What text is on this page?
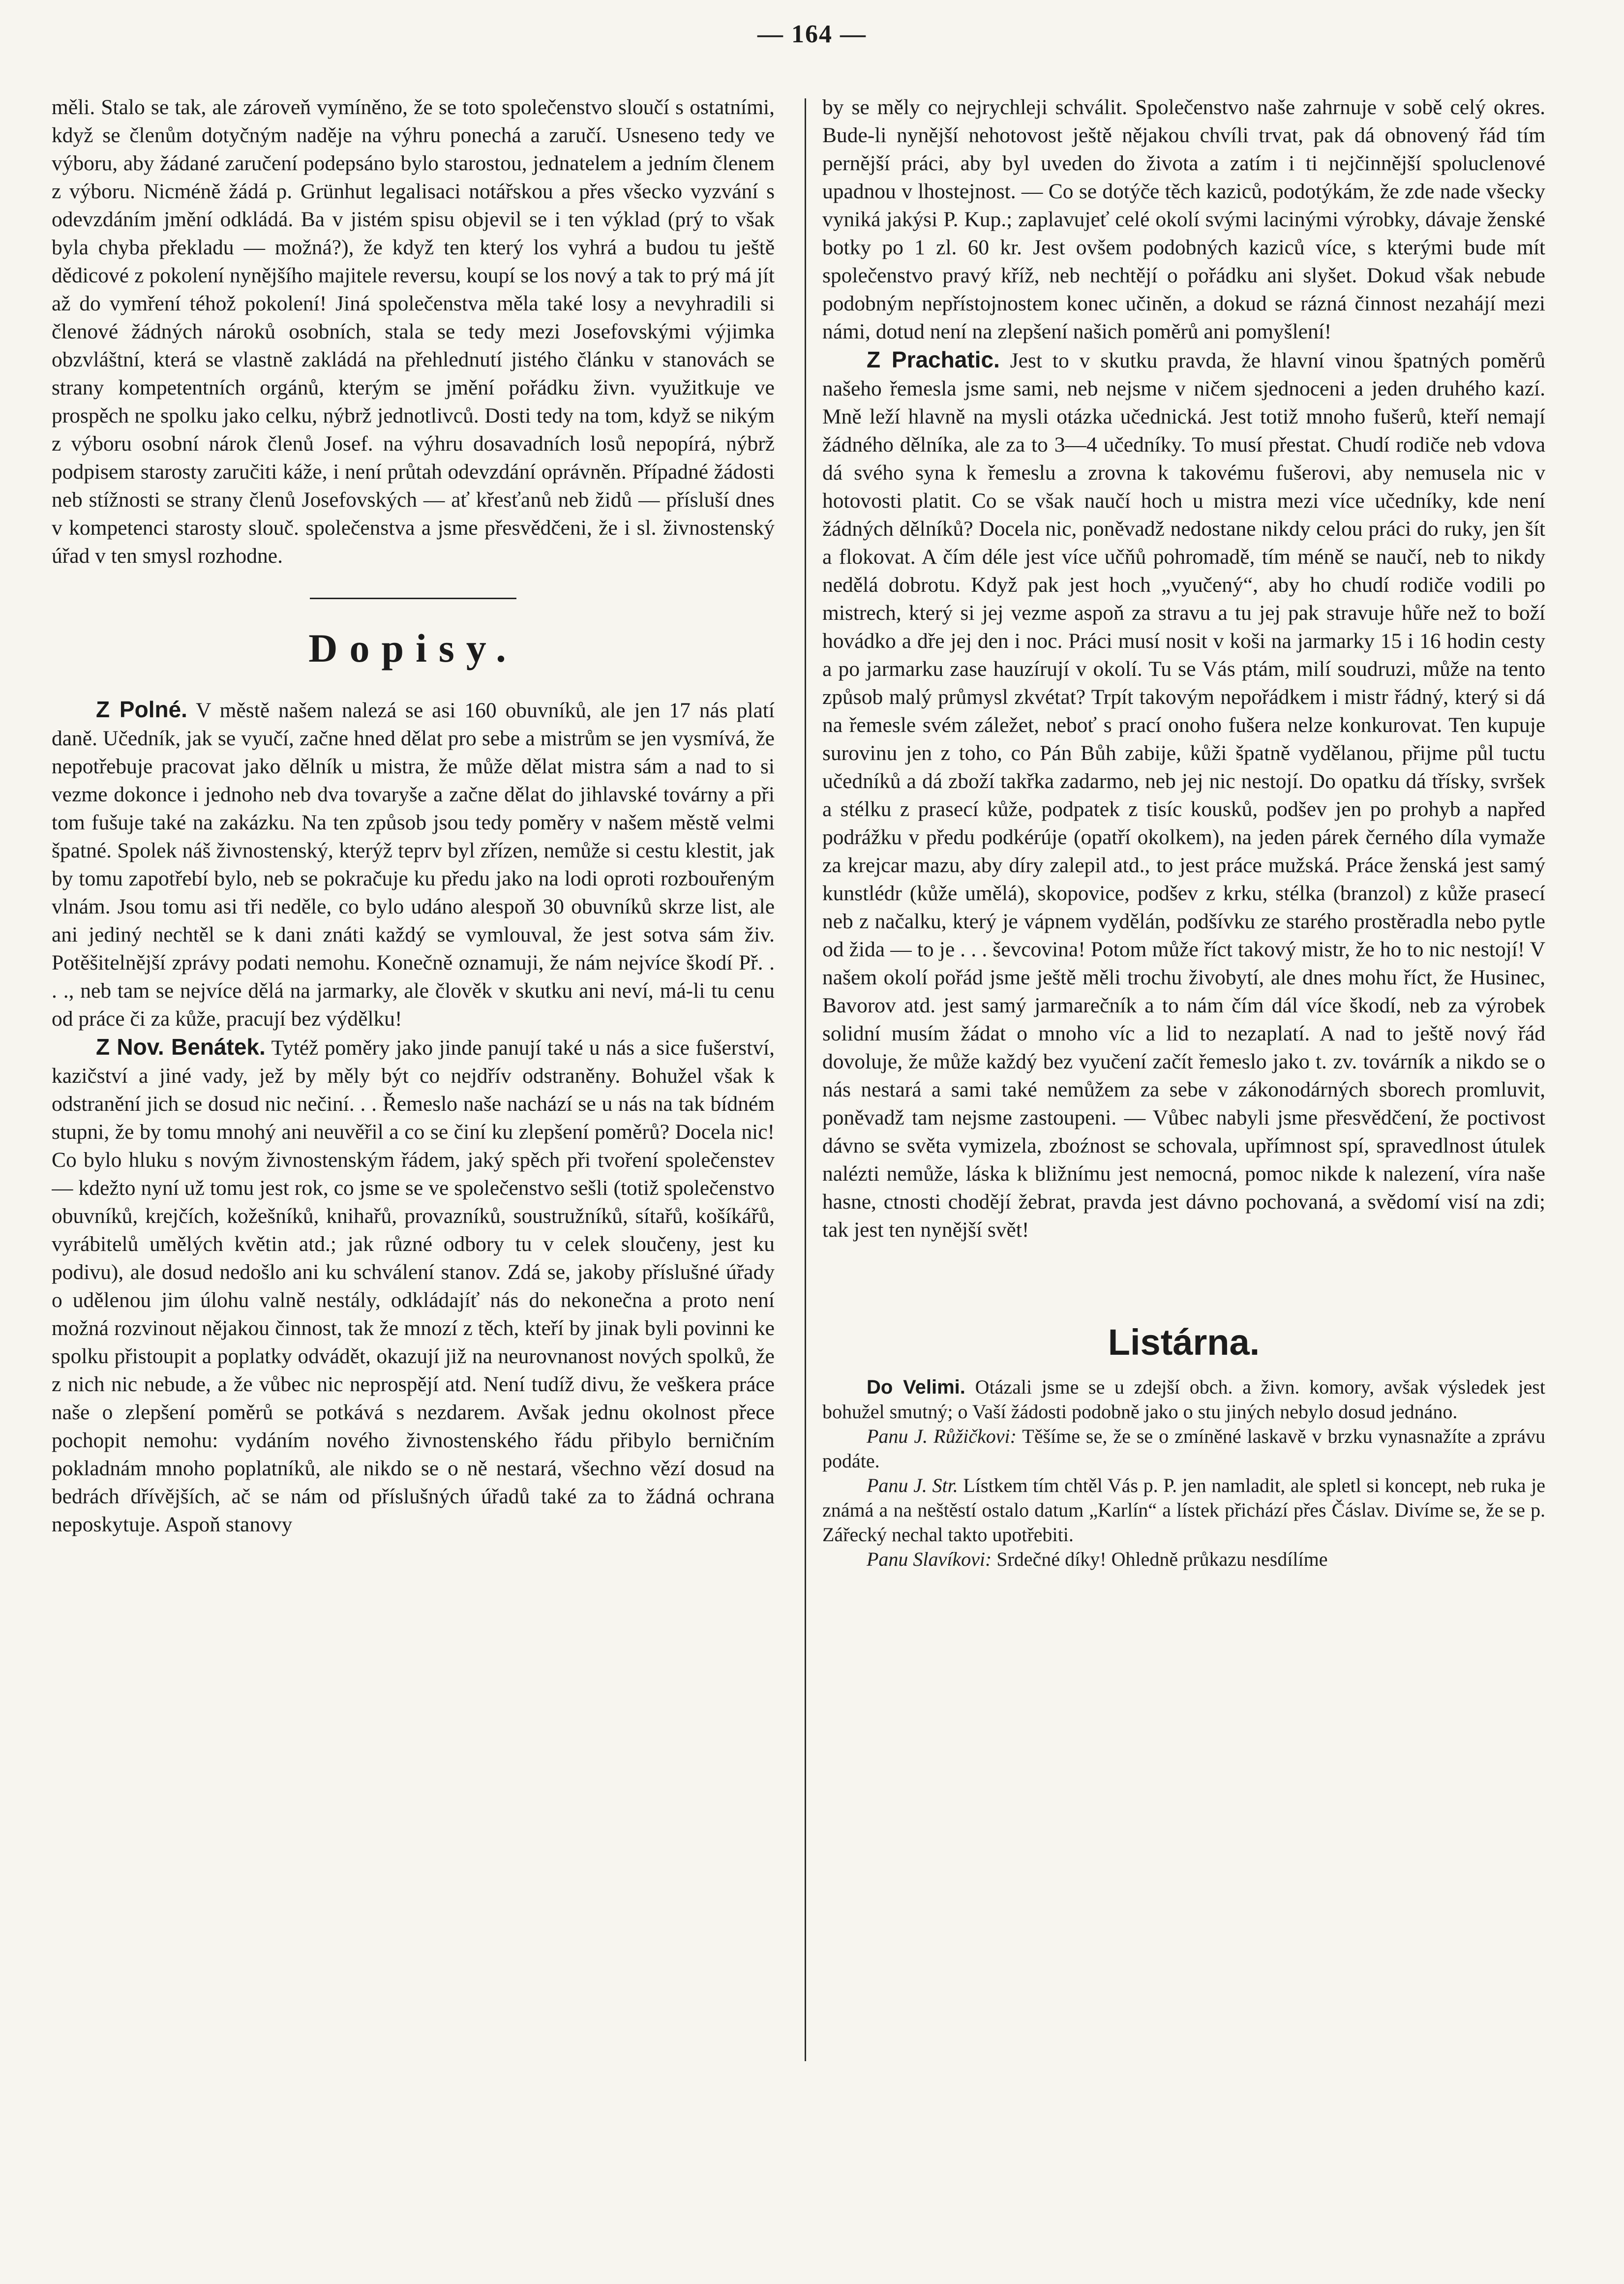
— 164 —

měli. Stalo se tak, ale zároveň vymíněno, že se toto společenstvo sloučí s ostatními, když se členům dotyčným naděje na výhru ponechá a zaručí. Usneseno tedy ve výboru, aby žádané zaručení podepsáno bylo starostou, jednatelem a jedním členem z výboru. Nicméně žádá p. Grünhut legalisaci notářskou a přes všecko vyzvání s odevzdáním jmění odkládá. Ba v jistém spisu objevil se i ten výklad (prý to však byla chyba překladu — možná?), že když ten který los vyhrá a budou tu ještě dědicové z pokolení nynějšího majitele reversu, koupí se los nový a tak to prý má jít až do vymření téhož pokolení! Jiná společenstva měla také losy a nevyhradili si členové žádných nároků osobních, stala se tedy mezi Josefovskými výjimka obzvláštní, která se vlastně zakládá na přehlednutí jistého článku v stanovách se strany kompetentních orgánů, kterým se jmění pořádku živn. využitkuje ve prospěch ne spolku jako celku, nýbrž jednotlivců. Dosti tedy na tom, když se nikým z výboru osobní nárok členů Josef. na výhru dosavadních losů nepopírá, nýbrž podpisem starosty zaručiti káže, i není průtah odevzdání oprávněn. Případné žádosti neb stížnosti se strany členů Josefovských — ať křesťanů neb židů — přísluší dnes v kompetenci starosty slouč. společenstva a jsme přesvědčeni, že i sl. živnostenský úřad v ten smysl rozhodne.

Dopisy.

Z Polné. V městě našem nalezá se asi 160 obuvníků, ale jen 17 nás platí daně. Učedník, jak se vyučí, začne hned dělat pro sebe a mistrům se jen vysmívá, že nepotřebuje pracovat jako dělník u mistra, že může dělat mistra sám a nad to si vezme dokonce i jednoho neb dva tovaryše a začne dělat do jihlavské továrny a při tom fušuje také na zakázku. Na ten způsob jsou tedy poměry v našem městě velmi špatné. Spolek náš živnostenský, kterýž teprv byl zřízen, nemůže si cestu klestit, jak by tomu zapotřebí bylo, neb se pokračuje ku předu jako na lodi oproti rozbouřeným vlnám. Jsou tomu asi tři neděle, co bylo udáno alespoň 30 obuvníků skrze list, ale ani jediný nechtěl se k dani znáti každý se vymlouval, že jest sotva sám živ. Potěšitelnější zprávy podati nemohu. Konečně oznamuji, že nám nejvíce škodí Př. . . ., neb tam se nejvíce dělá na jarmarky, ale člověk v skutku ani neví, má-li tu cenu od práce či za kůže, pracují bez výdělku!

Z Nov. Benátek. Tytéž poměry jako jinde panují také u nás a sice fušerství, kazičství a jiné vady, jež by měly být co nejdřív odstraněny. Bohužel však k odstranění jich se dosud nic nečiní. . . Řemeslo naše nachází se u nás na tak bídném stupni, že by tomu mnohý ani neuvěřil a co se činí ku zlepšení poměrů? Docela nic! Co bylo hluku s novým živnostenským řádem, jaký spěch při tvoření společenstev — kdežto nyní už tomu jest rok, co jsme se ve společenstvo sešli (totiž společenstvo obuvníků, krejčích, kožešníků, knihařů, provazníků, soustružníků, sítařů, košíkářů, vyrábitelů umělých květin atd.; jak různé odbory tu v celek sloučeny, jest ku podivu), ale dosud nedošlo ani ku schválení stanov. Zdá se, jakoby příslušné úřady o udělenou jim úlohu valně nestály, odkládajíť nás do nekonečna a proto není možná rozvinout nějakou činnost, tak že mnozí z těch, kteří by jinak byli povinni ke spolku přistoupit a poplatky odvádět, okazují již na neurovnanost nových spolků, že z nich nic nebude, a že vůbec nic neprospějí atd. Není tudíž divu, že veškera práce naše o zlepšení poměrů se potkává s nezdarem. Avšak jednu okolnost přece pochopit nemohu: vydáním nového živnostenského řádu přibylo berničním pokladnám mnoho poplatníků, ale nikdo se o ně nestará, všechno vězí dosud na bedrách dřívějších, ač se nám od příslušných úřadů také za to žádná ochrana neposkytuje. Aspoň stanovy

by se měly co nejrychleji schválit. Společenstvo naše zahrnuje v sobě celý okres. Bude-li nynější nehotovost ještě nějakou chvíli trvat, pak dá obnovený řád tím pernější práci, aby byl uveden do života a zatím i ti nejčinnější spoluclenové upadnou v lhostejnost. — Co se dotýče těch kaziců, podotýkám, že zde nade všecky vyniká jakýsi P. Kup.; zaplavujeť celé okolí svými lacinými výrobky, dávaje ženské botky po 1 zl. 60 kr. Jest ovšem podobných kaziců více, s kterými bude mít společenstvo pravý kříž, neb nechtějí o pořádku ani slyšet. Dokud však nebude podobným nepřístojnostem konec učiněn, a dokud se rázná činnost nezahájí mezi námi, dotud není na zlepšení našich poměrů ani pomyšlení!

Z Prachatic. Jest to v skutku pravda, že hlavní vinou špatných poměrů našeho řemesla jsme sami, neb nejsme v ničem sjednoceni a jeden druhého kazí. Mně leží hlavně na mysli otázka učednická. Jest totiž mnoho fušerů, kteří nemají žádného dělníka, ale za to 3—4 učedníky. To musí přestat. Chudí rodiče neb vdova dá svého syna k řemeslu a zrovna k takovému fušerovi, aby nemusela nic v hotovosti platit. Co se však naučí hoch u mistra mezi více učedníky, kde není žádných dělníků? Docela nic, poněvadž nedostane nikdy celou práci do ruky, jen šít a flokovat. A čím déle jest více učňů pohromadě, tím méně se naučí, neb to nikdy nedělá dobrotu. Když pak jest hoch „vyučený“, aby ho chudí rodiče vodili po mistrech, který si jej vezme aspoň za stravu a tu jej pak stravuje hůře než to boží hovádko a dře jej den i noc. Práci musí nosit v koši na jarmarky 15 i 16 hodin cesty a po jarmarku zase hauzírují v okolí. Tu se Vás ptám, milí soudruzi, může na tento způsob malý průmysl zkvétat? Trpít takovým nepořádkem i mistr řádný, který si dá na řemesle svém záležet, neboť s prací onoho fušera nelze konkurovat. Ten kupuje surovinu jen z toho, co Pán Bůh zabije, kůži špatně vydělanou, přijme půl tuctu učedníků a dá zboží takřka zadarmo, neb jej nic nestojí. Do opatku dá třísky, svršek a stélku z prasecí kůže, podpatek z tisíc kousků, podšev jen po prohyb a napřed podrážku v předu podkérúje (opatří okolkem), na jeden párek černého díla vymaže za krejcar mazu, aby díry zalepil atd., to jest práce mužská. Práce ženská jest samý kunstlédr (kůže umělá), skopovice, podšev z krku, stélka (branzol) z kůže prasecí neb z načalku, který je vápnem vydělán, podšívku ze starého prostěradla nebo pytle od žida — to je . . . ševcovina! Potom může říct takový mistr, že ho to nic nestojí! V našem okolí pořád jsme ještě měli trochu živobytí, ale dnes mohu říct, že Husinec, Bavorov atd. jest samý jarmarečník a to nám čím dál více škodí, neb za výrobek solidní musím žádat o mnoho víc a lid to nezaplatí. A nad to ještě nový řád dovoluje, že může každý bez vyučení začít řemeslo jako t. zv. továrník a nikdo se o nás nestará a sami také nemůžem za sebe v zákonodárných sborech promluvit, poněvadž tam nejsme zastoupeni. — Vůbec nabyli jsme přesvědčení, že poctivost dávno se světa vymizela, zboźnost se schovala, upřímnost spí, spravedlnost útulek nalézti nemůže, láska k bližnímu jest nemocná, pomoc nikde k nalezení, víra naše hasne, ctnosti chodějí žebrat, pravda jest dávno pochovaná, a svědomí visí na zdi; tak jest ten nynější svět!

Listárna.

Do Velimi. Otázali jsme se u zdejší obch. a živn. komory, avšak výsledek jest bohužel smutný; o Vaší žádosti podobně jako o stu jiných nebylo dosud jednáno.

Panu J. Růžičkovi: Těšíme se, že se o zmíněné laskavě v brzku vynasnažíte a zprávu podáte.

Panu J. Str. Lístkem tím chtěl Vás p. P. jen namladit, ale spletl si koncept, neb ruka je známá a na neštěstí ostalo datum „Karlín“ a lístek přichází přes Čáslav. Divíme se, že se p. Zářecký nechal takto upotřebiti.

Panu Slavíkovi: Srdečné díky! Ohledně průkazu nesdílíme
